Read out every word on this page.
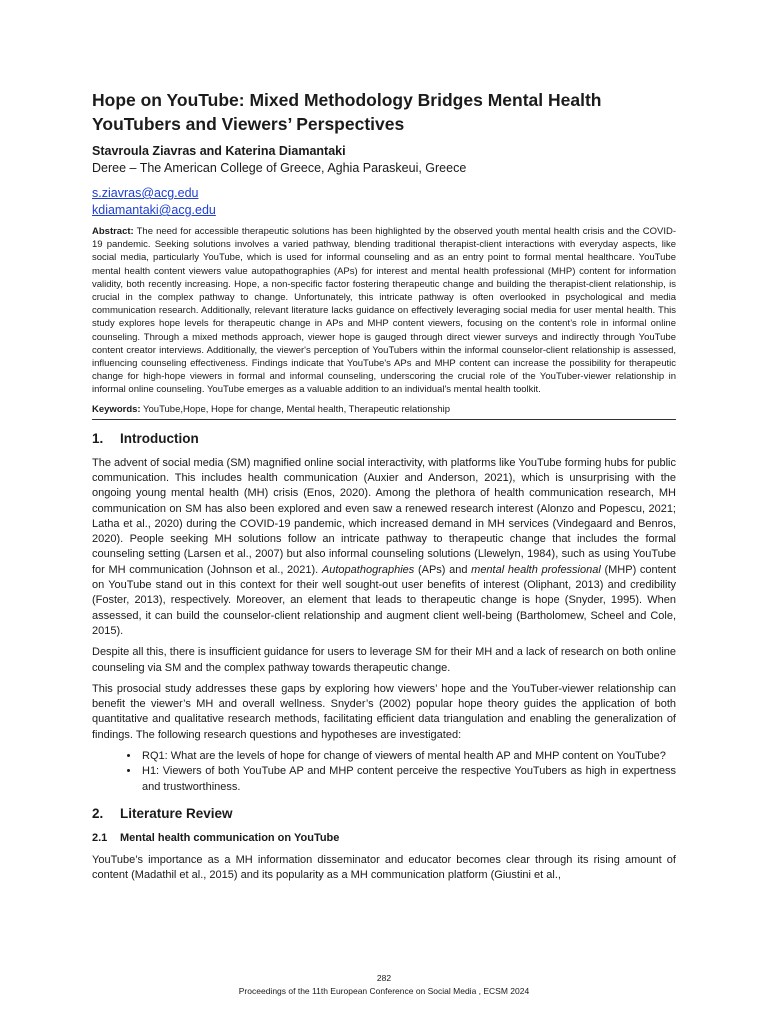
Hope on YouTube: Mixed Methodology Bridges Mental Health YouTubers and Viewers’ Perspectives

Stavroula Ziavras and Katerina Diamantaki

Deree – The American College of Greece, Aghia Paraskeui, Greece

s.ziavras@acg.edu
kdiamantaki@acg.edu

Abstract: The need for accessible therapeutic solutions has been highlighted by the observed youth mental health crisis and the COVID-19 pandemic. Seeking solutions involves a varied pathway, blending traditional therapist-client interactions with everyday aspects, like social media, particularly YouTube, which is used for informal counseling and as an entry point to formal mental healthcare. YouTube mental health content viewers value autopathographies (APs) for interest and mental health professional (MHP) content for information validity, both recently increasing. Hope, a non-specific factor fostering therapeutic change and building the therapist-client relationship, is crucial in the complex pathway to change. Unfortunately, this intricate pathway is often overlooked in psychological and media communication research. Additionally, relevant literature lacks guidance on effectively leveraging social media for user mental health. This study explores hope levels for therapeutic change in APs and MHP content viewers, focusing on the content’s role in informal online counseling. Through a mixed methods approach, viewer hope is gauged through direct viewer surveys and indirectly through YouTube content creator interviews. Additionally, the viewer's perception of YouTubers within the informal counselor-client relationship is assessed, influencing counseling effectiveness. Findings indicate that YouTube's APs and MHP content can increase the possibility for therapeutic change for high-hope viewers in formal and informal counseling, underscoring the crucial role of the YouTuber-viewer relationship in informal online counseling. YouTube emerges as a valuable addition to an individual's mental health toolkit.

Keywords: YouTube,Hope, Hope for change, Mental health, Therapeutic relationship

1.	Introduction

The advent of social media (SM) magnified online social interactivity, with platforms like YouTube forming hubs for public communication. This includes health communication (Auxier and Anderson, 2021), which is unsurprising with the ongoing young mental health (MH) crisis (Enos, 2020). Among the plethora of health communication research, MH communication on SM has also been explored and even saw a renewed research interest (Alonzo and Popescu, 2021; Latha et al., 2020) during the COVID-19 pandemic, which increased demand in MH services (Vindegaard and Benros, 2020). People seeking MH solutions follow an intricate pathway to therapeutic change that includes the formal counseling setting (Larsen et al., 2007) but also informal counseling solutions (Llewelyn, 1984), such as using YouTube for MH communication (Johnson et al., 2021). Autopathographies (APs) and mental health professional (MHP) content on YouTube stand out in this context for their well sought-out user benefits of interest (Oliphant, 2013) and credibility (Foster, 2013), respectively. Moreover, an element that leads to therapeutic change is hope (Snyder, 1995). When assessed, it can build the counselor-client relationship and augment client well-being (Bartholomew, Scheel and Cole, 2015).

Despite all this, there is insufficient guidance for users to leverage SM for their MH and a lack of research on both online counseling via SM and the complex pathway towards therapeutic change.

This prosocial study addresses these gaps by exploring how viewers’ hope and the YouTuber-viewer relationship can benefit the viewer’s MH and overall wellness. Snyder’s (2002) popular hope theory guides the application of both quantitative and qualitative research methods, facilitating efficient data triangulation and enabling the generalization of findings. The following research questions and hypotheses are investigated:

• RQ1: What are the levels of hope for change of viewers of mental health AP and MHP content on YouTube?
• H1: Viewers of both YouTube AP and MHP content perceive the respective YouTubers as high in expertness and trustworthiness.
2.	Literature Review
2.1	Mental health communication on YouTube

YouTube’s importance as a MH information disseminator and educator becomes clear through its rising amount of content (Madathil et al., 2015) and its popularity as a MH communication platform (Giustini et al.,

282
Proceedings of the 11th European Conference on Social Media , ECSM 2024
